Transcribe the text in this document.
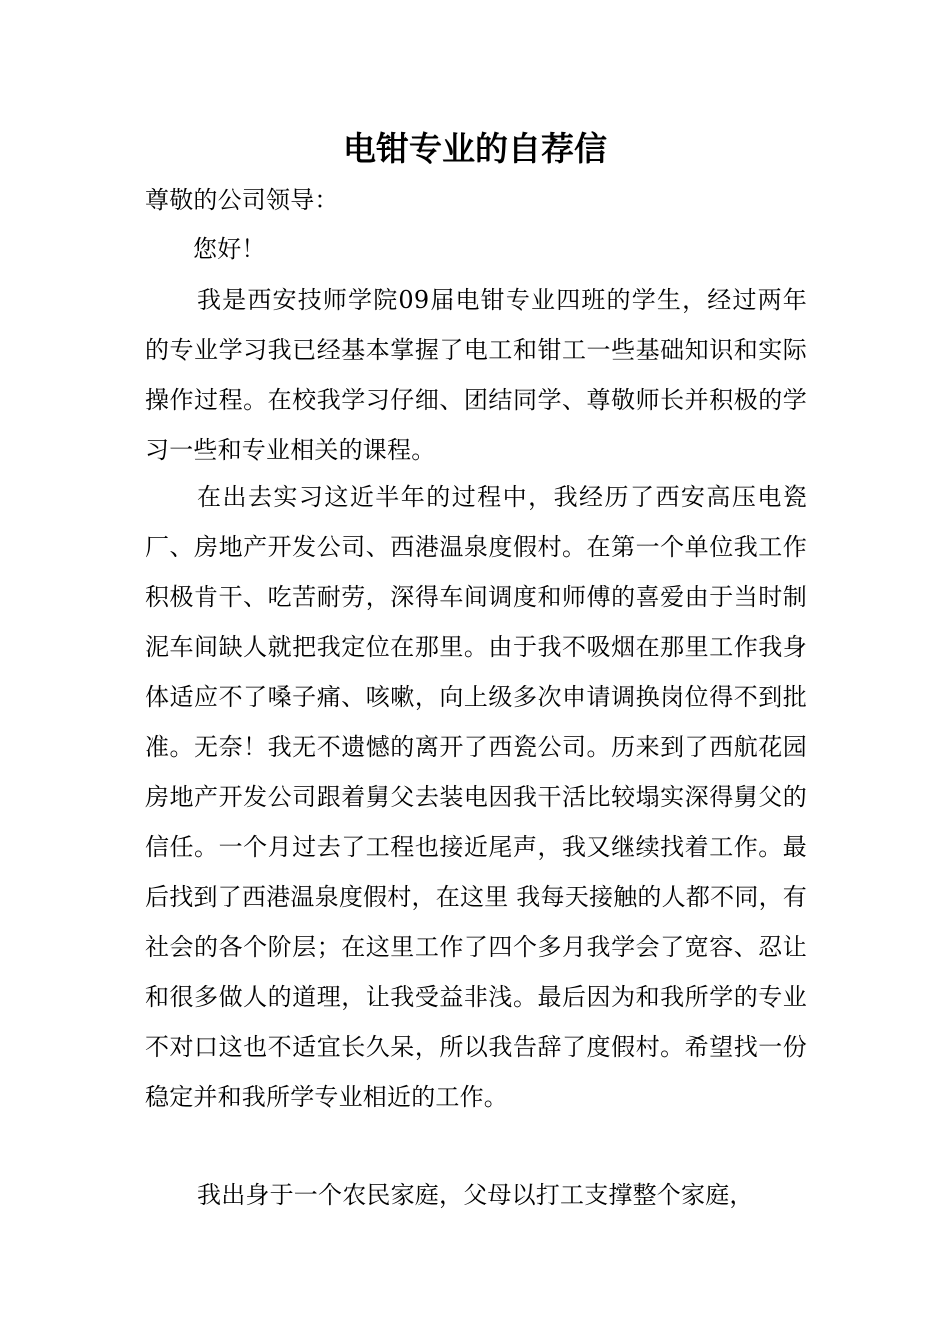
电钳专业的自荐信
尊敬的公司领导：
您好！

我是西安技师学院09届电钳专业四班的学生，经过两年的专业学习我已经基本掌握了电工和钳工一些基础知识和实际操作过程。在校我学习仔细、团结同学、尊敬师长并积极的学习一些和专业相关的课程。

在出去实习这近半年的过程中，我经历了西安高压电瓷厂、房地产开发公司、西港温泉度假村。在第一个单位我工作积极肯干、吃苦耐劳，深得车间调度和师傅的喜爱由于当时制泥车间缺人就把我定位在那里。由于我不吸烟在那里工作我身体适应不了嗓子痛、咳嗽，向上级多次申请调换岗位得不到批准。无奈！我无不遗憾的离开了西瓷公司。历来到了西航花园房地产开发公司跟着舅父去装电因我干活比较塌实深得舅父的信任。一个月过去了工程也接近尾声，我又继续找着工作。最后找到了西港温泉度假村，在这里 我每天接触的人都不同，有社会的各个阶层；在这里工作了四个多月我学会了宽容、忍让和很多做人的道理，让我受益非浅。最后因为和我所学的专业不对口这也不适宜长久呆，所以我告辞了度假村。希望找一份稳定并和我所学专业相近的工作。

我出身于一个农民家庭，父母以打工支撑整个家庭，
